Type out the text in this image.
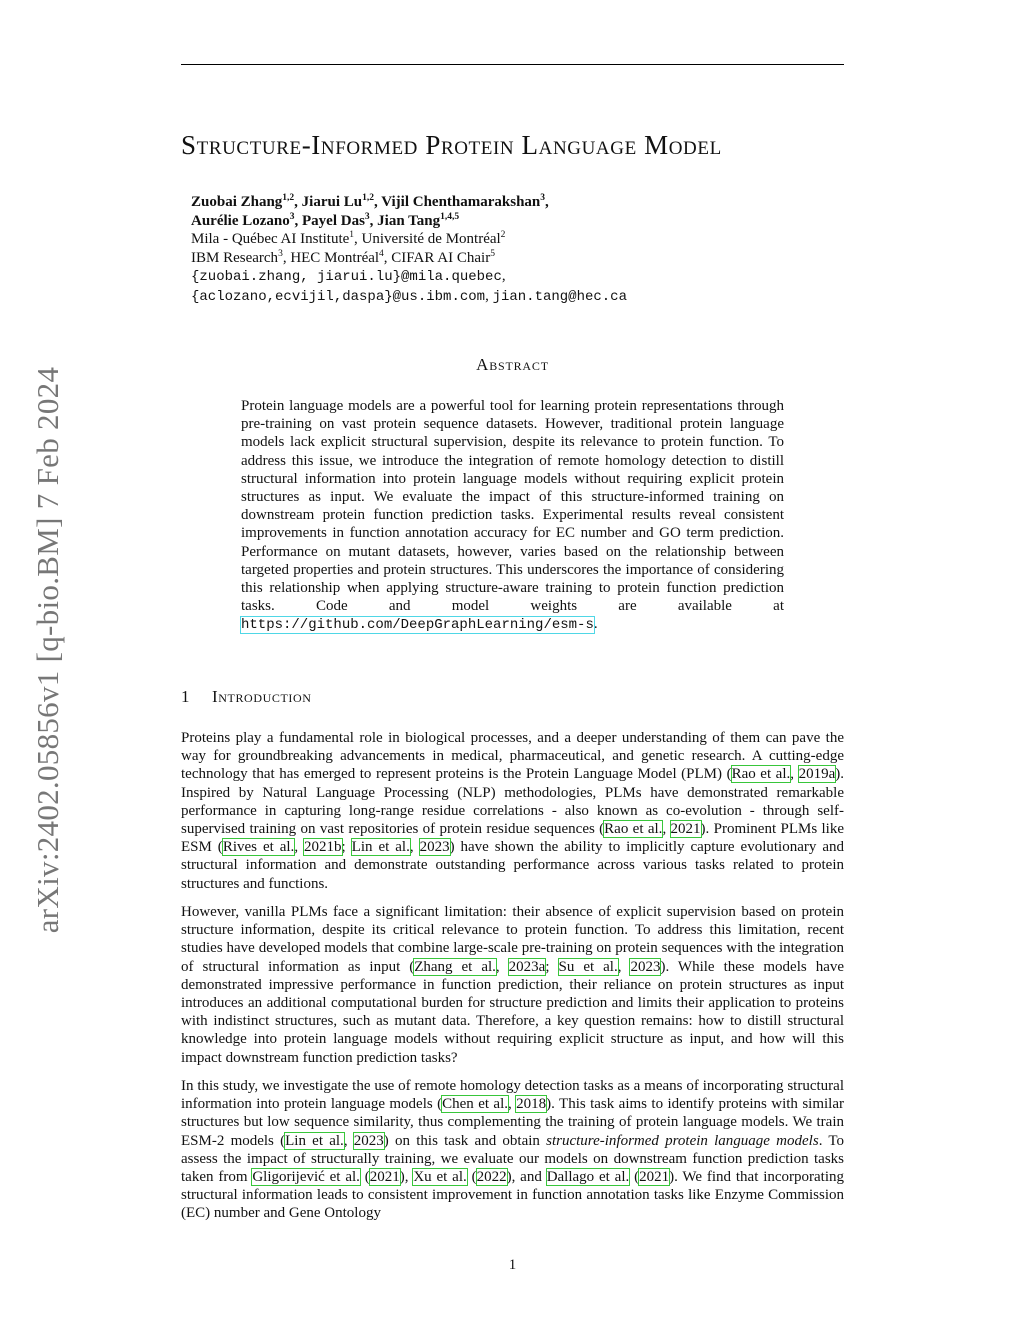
arXiv:2402.05856v1 [q-bio.BM] 7 Feb 2024
Structure-Informed Protein Language Model
Zuobai Zhang$^{1,2}$, Jiarui Lu$^{1,2}$, Vijil Chenthamarakshan$^3$,
Aurélie Lozano$^3$, Payel Das$^3$, Jian Tang$^{1,4,5}$
Mila - Québec AI Institute$^1$, Université de Montréal$^2$
IBM Research$^3$, HEC Montréal$^4$, CIFAR AI Chair$^5$
{zuobai.zhang, jiarui.lu}@mila.quebec,
{aclozano,ecvijil,daspa}@us.ibm.com, jian.tang@hec.ca
Abstract
Protein language models are a powerful tool for learning protein representations through pre-training on vast protein sequence datasets. However, traditional protein language models lack explicit structural supervision, despite its relevance to protein function. To address this issue, we introduce the integration of remote homology detection to distill structural information into protein language models without requiring explicit protein structures as input. We evaluate the impact of this structure-informed training on downstream protein function prediction tasks. Experimental results reveal consistent improvements in function annotation accuracy for EC number and GO term prediction. Performance on mutant datasets, however, varies based on the relationship between targeted properties and protein structures. This underscores the importance of considering this relationship when applying structure-aware training to protein function prediction tasks. Code and model weights are available at https://github.com/DeepGraphLearning/esm-s.
1 Introduction
Proteins play a fundamental role in biological processes, and a deeper understanding of them can pave the way for groundbreaking advancements in medical, pharmaceutical, and genetic research. A cutting-edge technology that has emerged to represent proteins is the Protein Language Model (PLM) (Rao et al., 2019a). Inspired by Natural Language Processing (NLP) methodologies, PLMs have demonstrated remarkable performance in capturing long-range residue correlations - also known as co-evolution - through self-supervised training on vast repositories of protein residue sequences (Rao et al., 2021). Prominent PLMs like ESM (Rives et al., 2021b; Lin et al., 2023) have shown the ability to implicitly capture evolutionary and structural information and demonstrate outstanding performance across various tasks related to protein structures and functions.
However, vanilla PLMs face a significant limitation: their absence of explicit supervision based on protein structure information, despite its critical relevance to protein function. To address this limitation, recent studies have developed models that combine large-scale pre-training on protein sequences with the integration of structural information as input (Zhang et al., 2023a; Su et al., 2023). While these models have demonstrated impressive performance in function prediction, their reliance on protein structures as input introduces an additional computational burden for structure prediction and limits their application to proteins with indistinct structures, such as mutant data. Therefore, a key question remains: how to distill structural knowledge into protein language models without requiring explicit structure as input, and how will this impact downstream function prediction tasks?
In this study, we investigate the use of remote homology detection tasks as a means of incorporating structural information into protein language models (Chen et al., 2018). This task aims to identify proteins with similar structures but low sequence similarity, thus complementing the training of protein language models. We train ESM-2 models (Lin et al., 2023) on this task and obtain structure-informed protein language models. To assess the impact of structurally training, we evaluate our models on downstream function prediction tasks taken from Gligorijević et al. (2021), Xu et al. (2022), and Dallago et al. (2021). We find that incorporating structural information leads to consistent improvement in function annotation tasks like Enzyme Commission (EC) number and Gene Ontology
1
